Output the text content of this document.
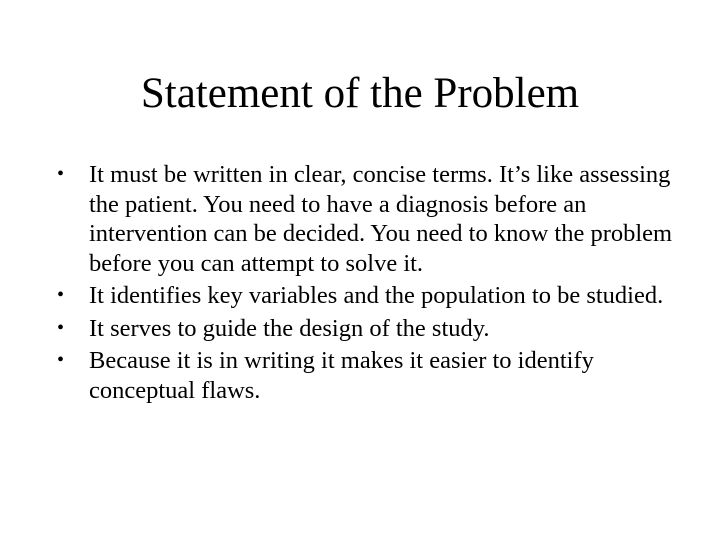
Statement of the Problem
•	It must be written in clear, concise terms. It’s like assessing the patient. You need to have a diagnosis before an intervention can be decided. You need to know the problem before you can attempt to solve it.
•	It identifies key variables and the population to be studied.
•	It serves to guide the design of the study.
•	Because it is in writing it makes it easier to identify conceptual flaws.
